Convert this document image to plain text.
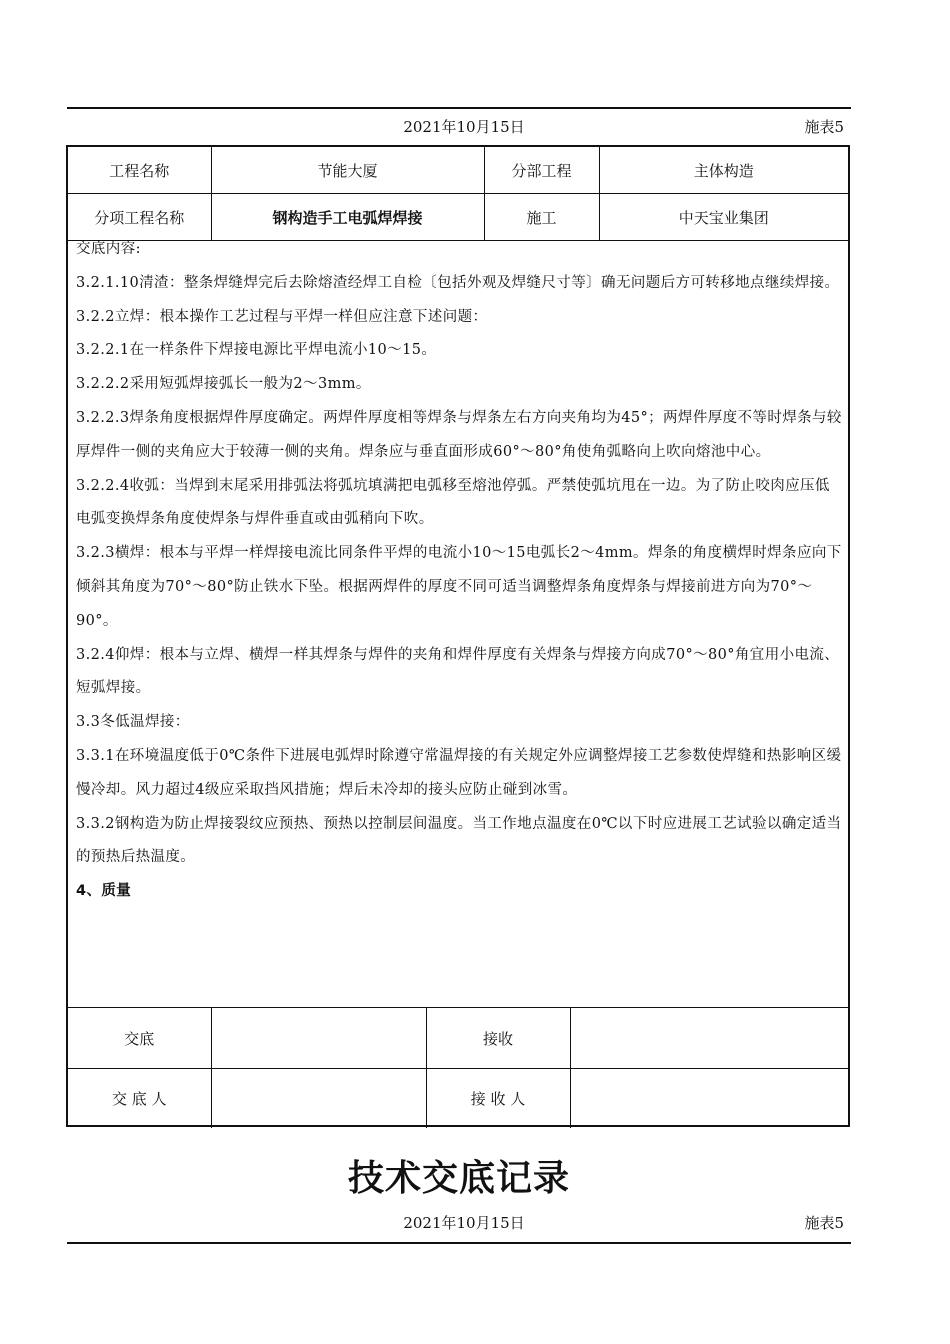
2021年10月15日	施表5
工程名称	节能大厦	分部工程	主体构造
分项工程名称	钢构造手工电弧焊焊接	施工	中天宝业集团

交底内容:

3.2.1.10清渣：整条焊缝焊完后去除熔渣经焊工自检〔包括外观及焊缝尺寸等〕确无问题后方可转移地点继续焊接。

3.2.2立焊：根本操作工艺过程与平焊一样但应注意下述问题：

3.2.2.1在一样条件下焊接电源比平焊电流小10～15。

3.2.2.2采用短弧焊接弧长一般为2～3mm。

3.2.2.3焊条角度根据焊件厚度确定。两焊件厚度相等焊条与焊条左右方向夹角均为45°；两焊件厚度不等时焊条与较厚焊件一侧的夹角应大于较薄一侧的夹角。焊条应与垂直面形成60°～80°角使角弧略向上吹向熔池中心。

3.2.2.4收弧：当焊到末尾采用排弧法将弧坑填满把电弧移至熔池停弧。严禁使弧坑甩在一边。为了防止咬肉应压低电弧变换焊条角度使焊条与焊件垂直或由弧稍向下吹。

3.2.3横焊：根本与平焊一样焊接电流比同条件平焊的电流小10～15电弧长2～4mm。焊条的角度横焊时焊条应向下倾斜其角度为70°～80°防止铁水下坠。根据两焊件的厚度不同可适当调整焊条角度焊条与焊接前进方向为70°～90°。

3.2.4仰焊：根本与立焊、横焊一样其焊条与焊件的夹角和焊件厚度有关焊条与焊接方向成70°～80°角宜用小电流、短弧焊接。

3.3冬低温焊接：

3.3.1在环境温度低于0℃条件下进展电弧焊时除遵守常温焊接的有关规定外应调整焊接工艺参数使焊缝和热影响区缓慢冷却。风力超过4级应采取挡风措施；焊后未冷却的接头应防止碰到冰雪。

3.3.2钢构造为防止焊接裂纹应预热、预热以控制层间温度。当工作地点温度在0℃以下时应进展工艺试验以确定适当的预热后热温度。

4、质量

交底		接收	
交 底 人		接 收 人	
技术交底记录
2021年10月15日	施表5
